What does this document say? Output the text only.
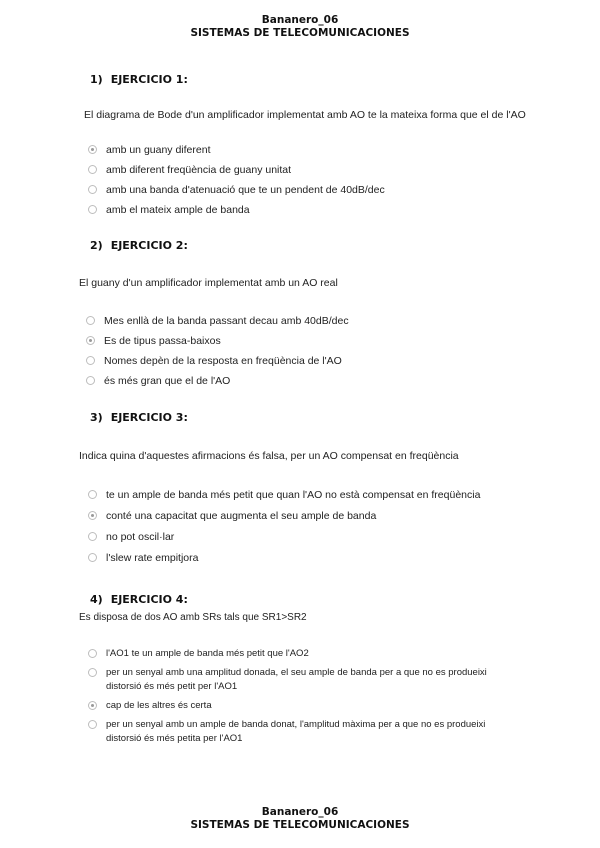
Bananero_06
SISTEMAS DE TELECOMUNICACIONES
1) EJERCICIO 1:
El diagrama de Bode d'un amplificador implementat amb AO te la mateixa forma que el de l'AO
amb un guany diferent
amb diferent freqüència de guany unitat
amb una banda d'atenuació que te un pendent de 40dB/dec
amb el mateix ample de banda
2) EJERCICIO 2:
El guany d'un amplificador implementat amb un AO real
Mes enllà de la banda passant decau amb 40dB/dec
Es de tipus passa-baixos
Nomes depèn de la resposta en freqüència de l'AO
és més gran que el de l'AO
3) EJERCICIO 3:
Indica quina d'aquestes afirmacions és falsa, per un AO compensat en freqüència
te un ample de banda més petit que quan l'AO no està compensat en freqüència
conté una capacitat que augmenta el seu ample de banda
no pot oscil·lar
l'slew rate empitjora
4) EJERCICIO 4:
Es disposa de dos AO amb SRs tals que SR1>SR2
l'AO1 te un ample de banda més petit que l'AO2
per un senyal amb una amplitud donada, el seu ample de banda per a que no es produeixi
distorsió és més petit per l'AO1
cap de les altres és certa
per un senyal amb un ample de banda donat, l'amplitud màxima per a que no es produeixi
distorsió és més petita per l'AO1
Bananero_06
SISTEMAS DE TELECOMUNICACIONES
